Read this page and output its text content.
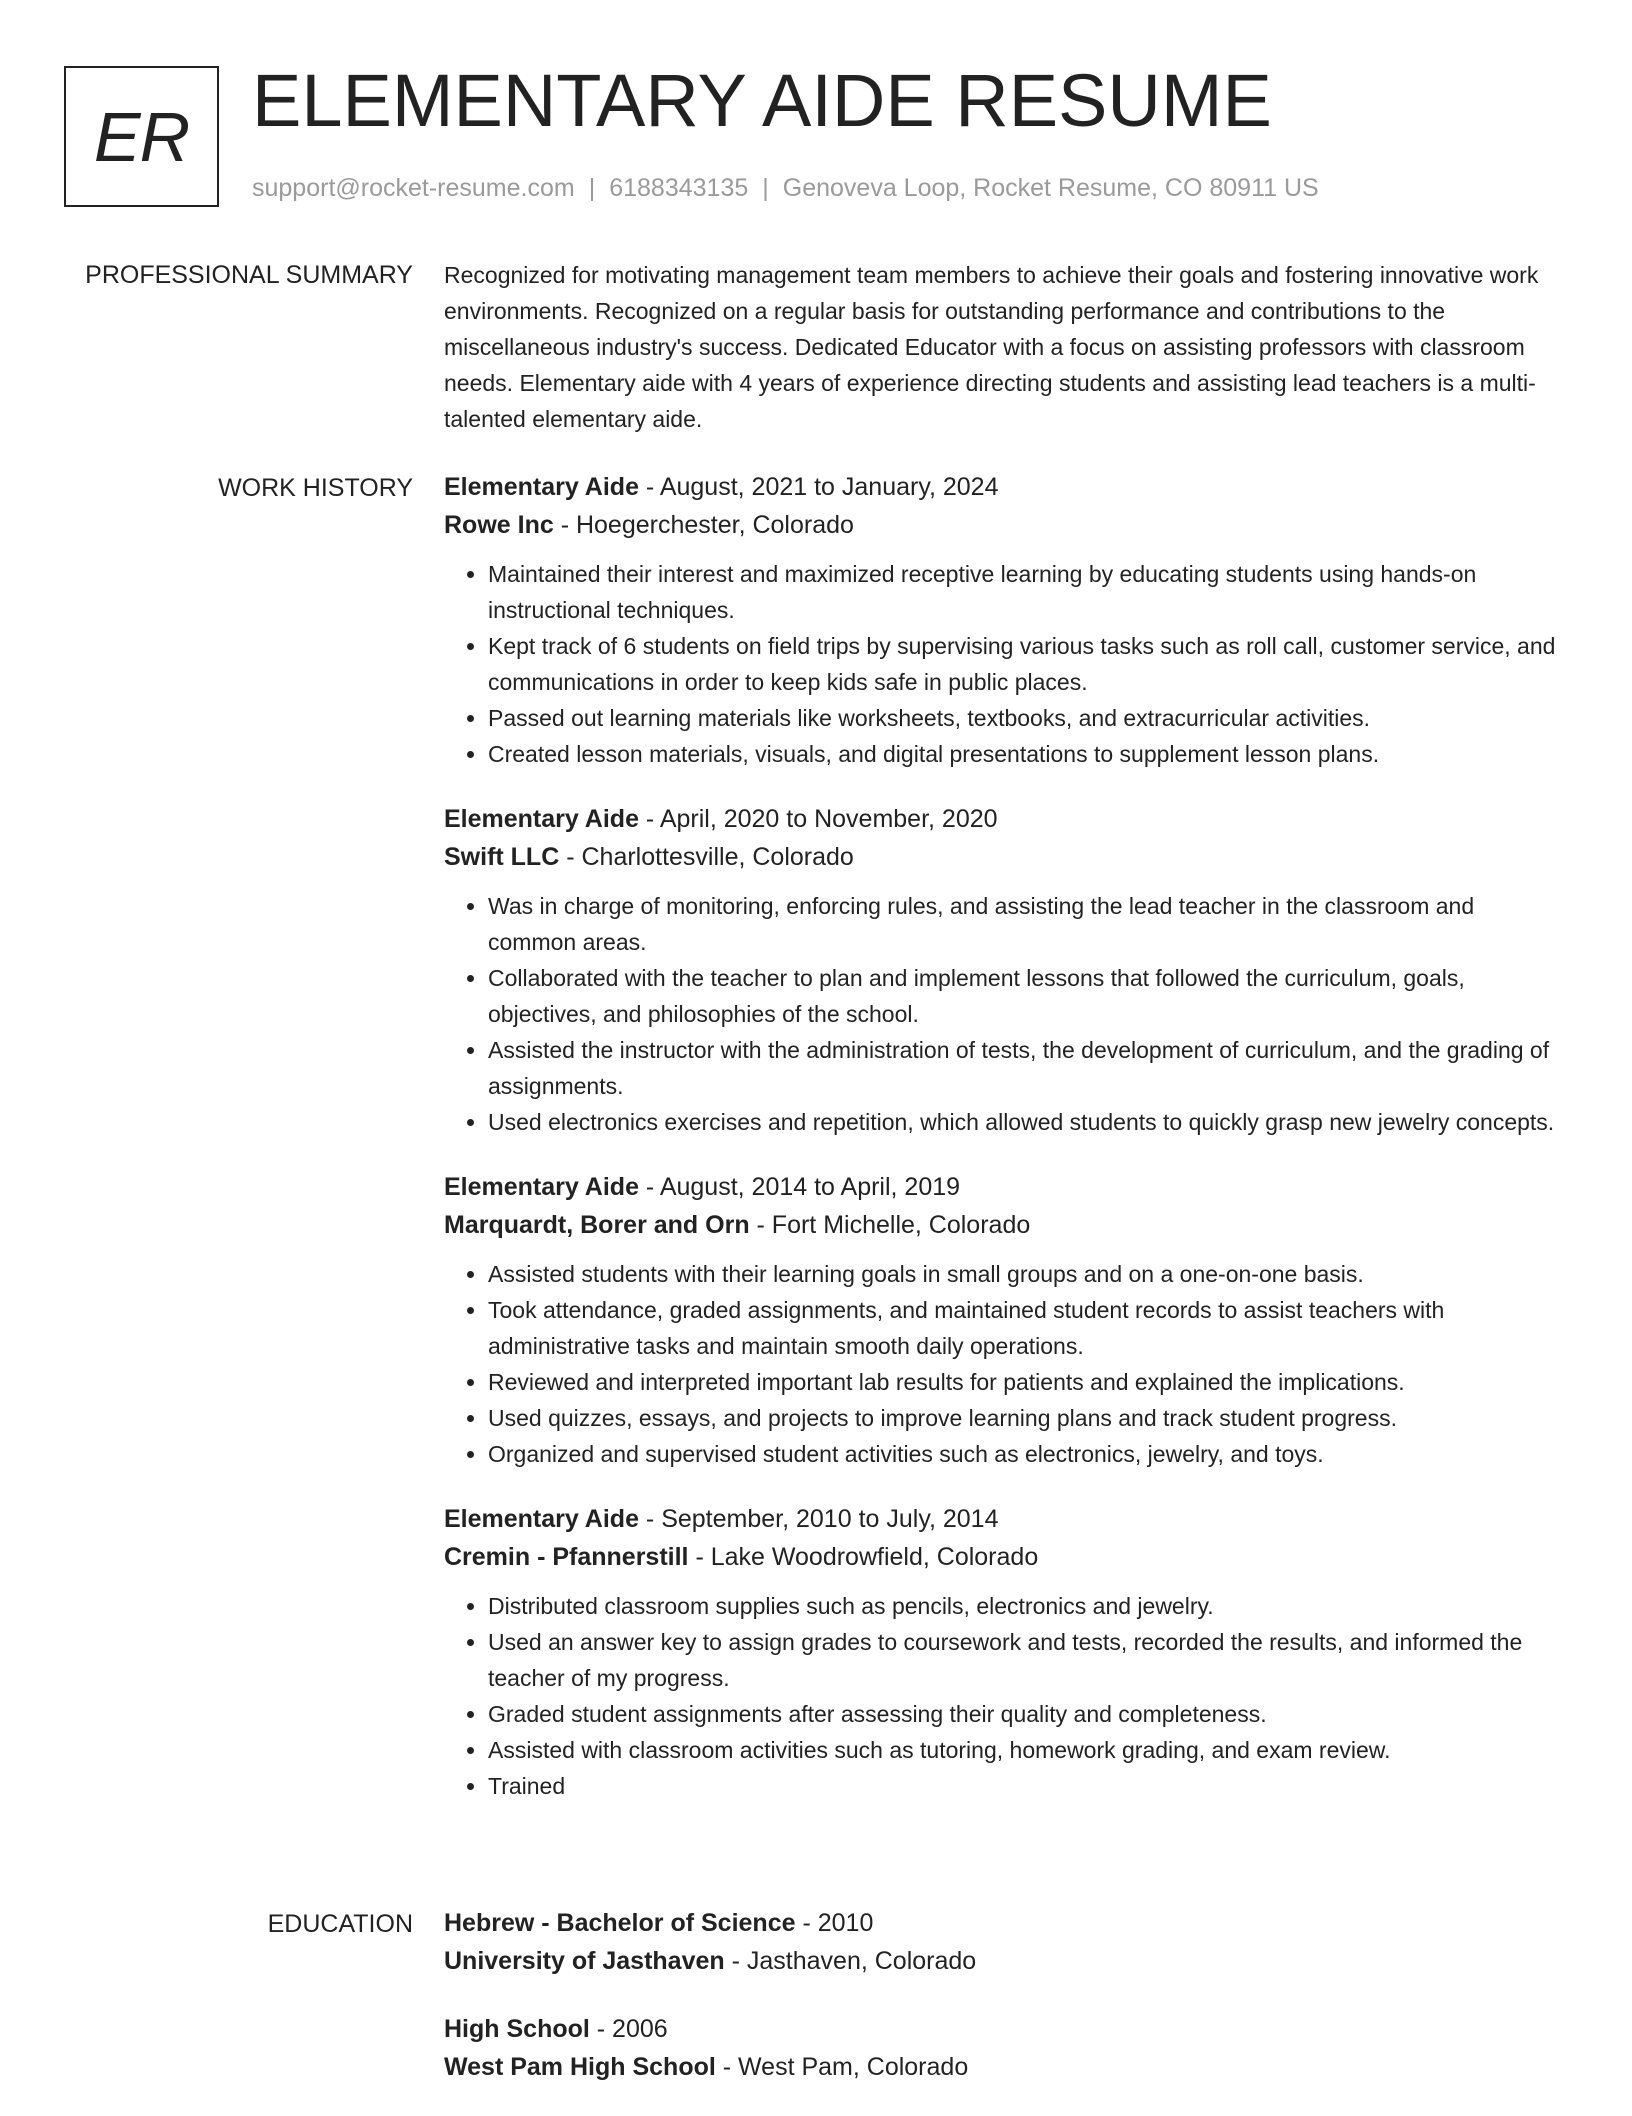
ER ELEMENTARY AIDE RESUME
support@rocket-resume.com | 6188343135 | Genoveva Loop, Rocket Resume, CO 80911 US
PROFESSIONAL SUMMARY Recognized for motivating management team members to achieve their goals and fostering innovative work environments. Recognized on a regular basis for outstanding performance and contributions to the miscellaneous industry's success. Dedicated Educator with a focus on assisting professors with classroom needs. Elementary aide with 4 years of experience directing students and assisting lead teachers is a multi-talented elementary aide.

WORK HISTORY Elementary Aide - August, 2021 to January, 2024
Rowe Inc - Hoegerchester, Colorado
• Maintained their interest and maximized receptive learning by educating students using hands-on instructional techniques.
• Kept track of 6 students on field trips by supervising various tasks such as roll call, customer service, and communications in order to keep kids safe in public places.
• Passed out learning materials like worksheets, textbooks, and extracurricular activities.
• Created lesson materials, visuals, and digital presentations to supplement lesson plans.
Elementary Aide - April, 2020 to November, 2020
Swift LLC - Charlottesville, Colorado
• Was in charge of monitoring, enforcing rules, and assisting the lead teacher in the classroom and common areas.
• Collaborated with the teacher to plan and implement lessons that followed the curriculum, goals, objectives, and philosophies of the school.
• Assisted the instructor with the administration of tests, the development of curriculum, and the grading of assignments.
• Used electronics exercises and repetition, which allowed students to quickly grasp new jewelry concepts.
Elementary Aide - August, 2014 to April, 2019
Marquardt, Borer and Orn - Fort Michelle, Colorado
• Assisted students with their learning goals in small groups and on a one-on-one basis.
• Took attendance, graded assignments, and maintained student records to assist teachers with administrative tasks and maintain smooth daily operations.
• Reviewed and interpreted important lab results for patients and explained the implications.
• Used quizzes, essays, and projects to improve learning plans and track student progress.
• Organized and supervised student activities such as electronics, jewelry, and toys.
Elementary Aide - September, 2010 to July, 2014
Cremin - Pfannerstill - Lake Woodrowfield, Colorado
• Distributed classroom supplies such as pencils, electronics and jewelry.
• Used an answer key to assign grades to coursework and tests, recorded the results, and informed the teacher of my progress.
• Graded student assignments after assessing their quality and completeness.
• Assisted with classroom activities such as tutoring, homework grading, and exam review.
• Trained
EDUCATION Hebrew - Bachelor of Science - 2010
University of Jasthaven - Jasthaven, Colorado
High School - 2006
West Pam High School - West Pam, Colorado
